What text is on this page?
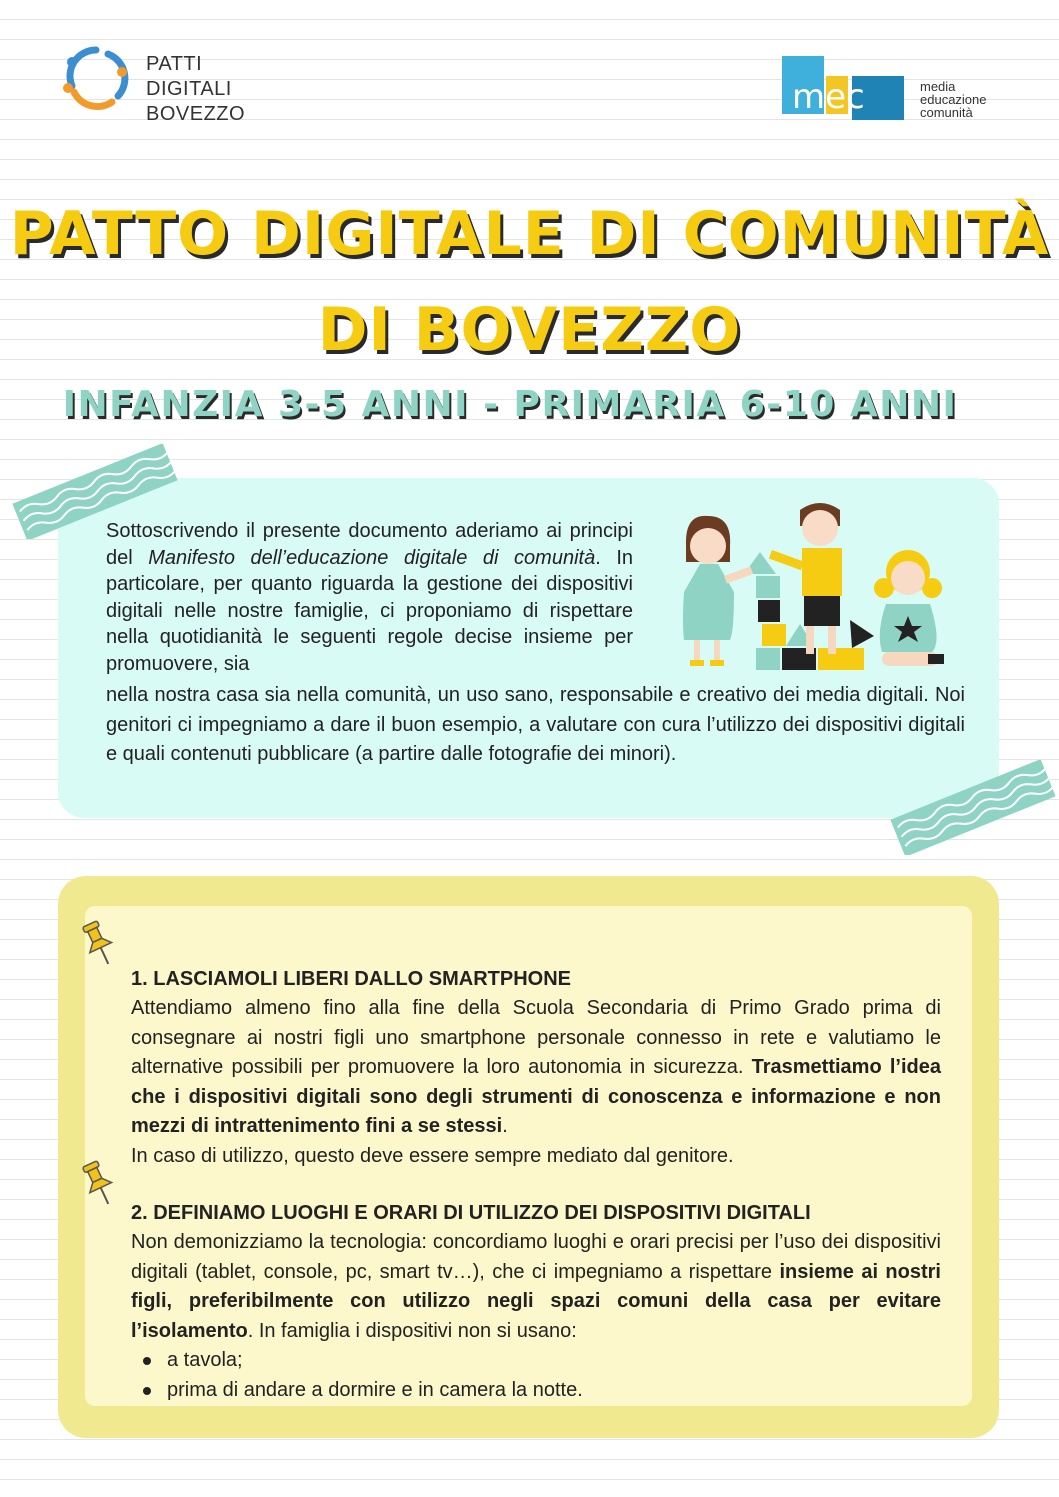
PATTI
DIGITALI
BOVEZZO	mec	media
educazione
comunità
PATTO DIGITALE DI COMUNITÀ
DI BOVEZZO
INFANZIA 3-5 ANNI - PRIMARIA 6-10 ANNI
Sottoscrivendo il presente documento aderiamo ai principi del Manifesto dell’educazione digitale di comunità. In particolare, per quanto riguarda la gestione dei dispositivi digitali nelle nostre famiglie, ci proponiamo di rispettare nella quotidianità le seguenti regole decise insieme per promuovere, sia
nella nostra casa sia nella comunità, un uso sano, responsabile e creativo dei media digitali. Noi genitori ci impegniamo a dare il buon esempio, a valutare con cura l’utilizzo dei dispositivi digitali e quali contenuti pubblicare (a partire dalle fotografie dei minori).
1. LASCIAMOLI LIBERI DALLO SMARTPHONE

Attendiamo almeno fino alla fine della Scuola Secondaria di Primo Grado prima di consegnare ai nostri figli uno smartphone personale connesso in rete e valutiamo le alternative possibili per promuovere la loro autonomia in sicurezza. Trasmettiamo l’idea che i dispositivi digitali sono degli strumenti di conoscenza e informazione e non mezzi di intrattenimento fini a se stessi.

In caso di utilizzo, questo deve essere sempre mediato dal genitore.

2. DEFINIAMO LUOGHI E ORARI DI UTILIZZO DEI DISPOSITIVI DIGITALI

Non demonizziamo la tecnologia: concordiamo luoghi e orari precisi per l’uso dei dispositivi digitali (tablet, console, pc, smart tv…), che ci impegniamo a rispettare insieme ai nostri figli, preferibilmente con utilizzo negli spazi comuni della casa per evitare l’isolamento. In famiglia i dispositivi non si usano:

a tavola;
prima di andare a dormire e in camera la notte.
